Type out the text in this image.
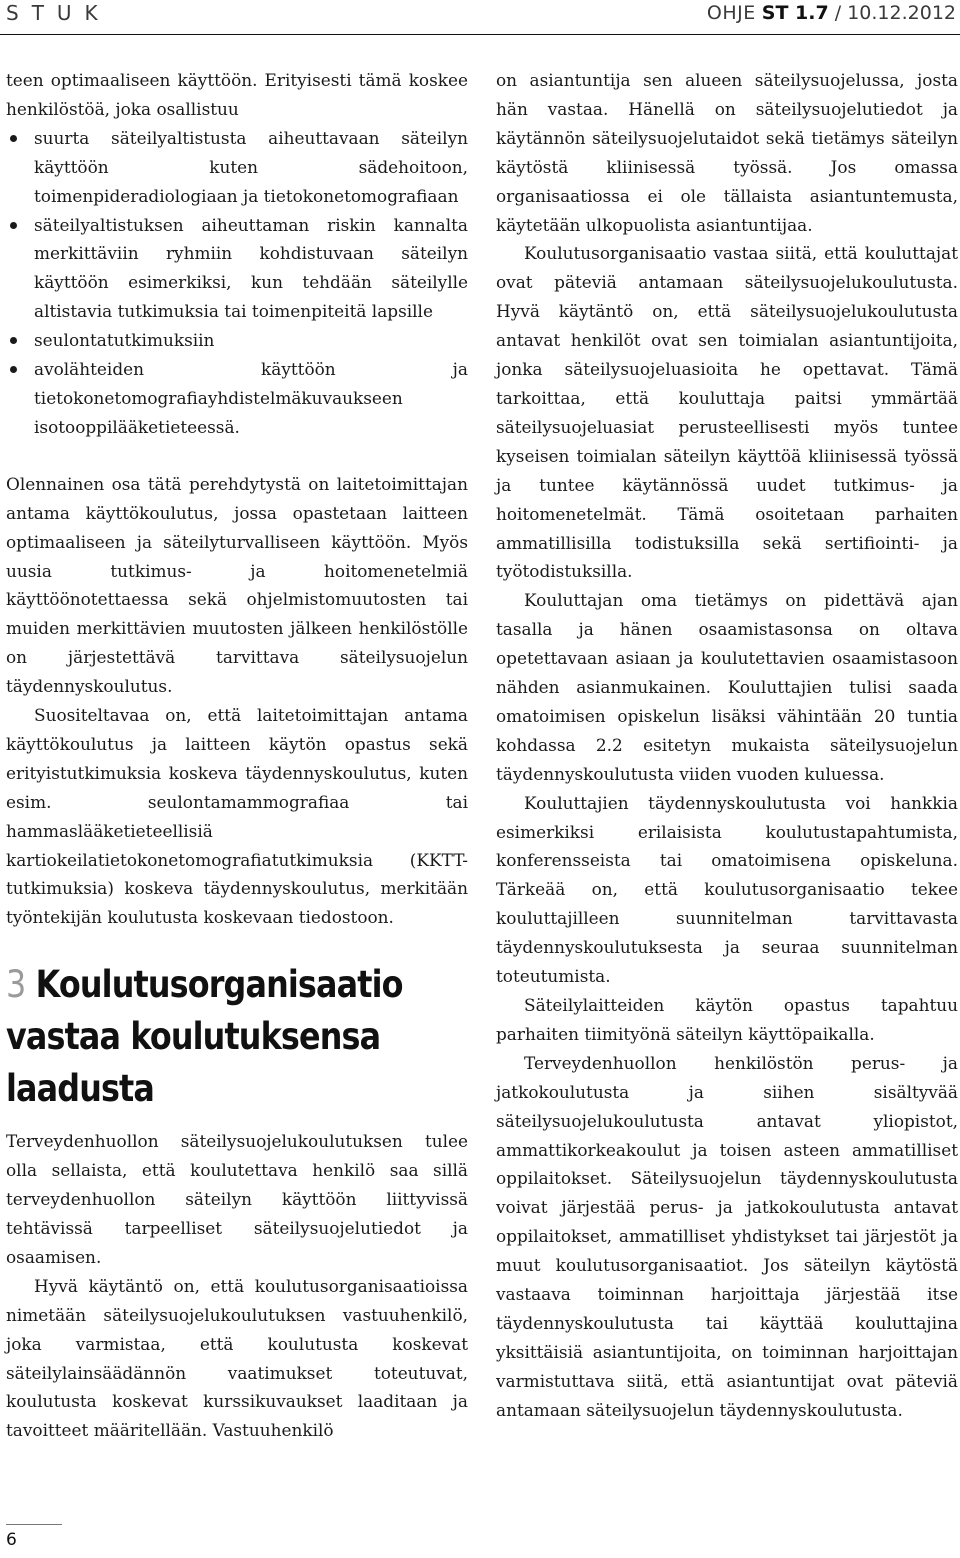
STUK	OHJE ST 1.7 / 10.12.2012

teen optimaaliseen käyttöön. Erityisesti tämä koskee henkilöstöä, joka osallistuu

suurta säteilyaltistusta aiheuttavaan säteilyn käyttöön kuten sädehoitoon, toimenpideradiologiaan ja tietokonetomografiaan
säteilyaltistuksen aiheuttaman riskin kannalta merkittäviin ryhmiin kohdistuvaan säteilyn käyttöön esimerkiksi, kun tehdään säteilylle altistavia tutkimuksia tai toimenpiteitä lapsille
seulontatutkimuksiin
avolähteiden käyttöön ja tietokonetomografiayhdistelmäkuvaukseen isotooppilääketieteessä.

Olennainen osa tätä perehdytystä on laitetoimittajan antama käyttökoulutus, jossa opastetaan laitteen optimaaliseen ja säteilyturvalliseen käyttöön. Myös uusia tutkimus- ja hoitomenetelmiä käyttöönotettaessa sekä ohjelmistomuutosten tai muiden merkittävien muutosten jälkeen henkilöstölle on järjestettävä tarvittava säteilysuojelun täydennyskoulutus.

Suositeltavaa on, että laitetoimittajan antama käyttökoulutus ja laitteen käytön opastus sekä erityistutkimuksia koskeva täydennyskoulutus, kuten esim. seulontamammografiaa tai hammaslääketieteellisiä kartiokeilatietokonetomografiatutkimuksia (KKTT-tutkimuksia) koskeva täydennyskoulutus, merkitään työntekijän koulutusta koskevaan tiedostoon.

3 Koulutusorganisaatio vastaa koulutuksensa laadusta

Terveydenhuollon säteilysuojelukoulutuksen tulee olla sellaista, että koulutettava henkilö saa sillä terveydenhuollon säteilyn käyttöön liittyvissä tehtävissä tarpeelliset säteilysuojelutiedot ja osaamisen.

Hyvä käytäntö on, että koulutusorganisaatioissa nimetään säteilysuojelukoulutuksen vastuuhenkilö, joka varmistaa, että koulutusta koskevat säteilylainsäädännön vaatimukset toteutuvat, koulutusta koskevat kurssikuvaukset laaditaan ja tavoitteet määritellään. Vastuuhenkilö

on asiantuntija sen alueen säteilysuojelussa, josta hän vastaa. Hänellä on säteilysuojelutiedot ja käytännön säteilysuojelutaidot sekä tietämys säteilyn käytöstä kliinisessä työssä. Jos omassa organisaatiossa ei ole tällaista asiantuntemusta, käytetään ulkopuolista asiantuntijaa.

Koulutusorganisaatio vastaa siitä, että kouluttajat ovat päteviä antamaan säteilysuojelukoulutusta. Hyvä käytäntö on, että säteilysuojelukoulutusta antavat henkilöt ovat sen toimialan asiantuntijoita, jonka säteilysuojeluasioita he opettavat. Tämä tarkoittaa, että kouluttaja paitsi ymmärtää säteilysuojeluasiat perusteellisesti myös tuntee kyseisen toimialan säteilyn käyttöä kliinisessä työssä ja tuntee käytännössä uudet tutkimus- ja hoitomenetelmät. Tämä osoitetaan parhaiten ammatillisilla todistuksilla sekä sertifiointi- ja työtodistuksilla.

Kouluttajan oma tietämys on pidettävä ajan tasalla ja hänen osaamistasonsa on oltava opetettavaan asiaan ja koulutettavien osaamistasoon nähden asianmukainen. Kouluttajien tulisi saada omatoimisen opiskelun lisäksi vähintään 20 tuntia kohdassa 2.2 esitetyn mukaista säteilysuojelun täydennyskoulutusta viiden vuoden kuluessa.

Kouluttajien täydennyskoulutusta voi hankkia esimerkiksi erilaisista koulutustapahtumista, konferensseista tai omatoimisena opiskeluna. Tärkeää on, että koulutusorganisaatio tekee kouluttajilleen suunnitelman tarvittavasta täydennyskoulutuksesta ja seuraa suunnitelman toteutumista.

Säteilylaitteiden käytön opastus tapahtuu parhaiten tiimityönä säteilyn käyttöpaikalla.

Terveydenhuollon henkilöstön perus- ja jatkokoulutusta ja siihen sisältyvää säteilysuojelukoulutusta antavat yliopistot, ammattikorkeakoulut ja toisen asteen ammatilliset oppilaitokset. Säteilysuojelun täydennyskoulutusta voivat järjestää perus- ja jatkokoulutusta antavat oppilaitokset, ammatilliset yhdistykset tai järjestöt ja muut koulutusorganisaatiot. Jos säteilyn käytöstä vastaava toiminnan harjoittaja järjestää itse täydennyskoulutusta tai käyttää kouluttajina yksittäisiä asiantuntijoita, on toiminnan harjoittajan varmistuttava siitä, että asiantuntijat ovat päteviä antamaan säteilysuojelun täydennyskoulutusta.

6
